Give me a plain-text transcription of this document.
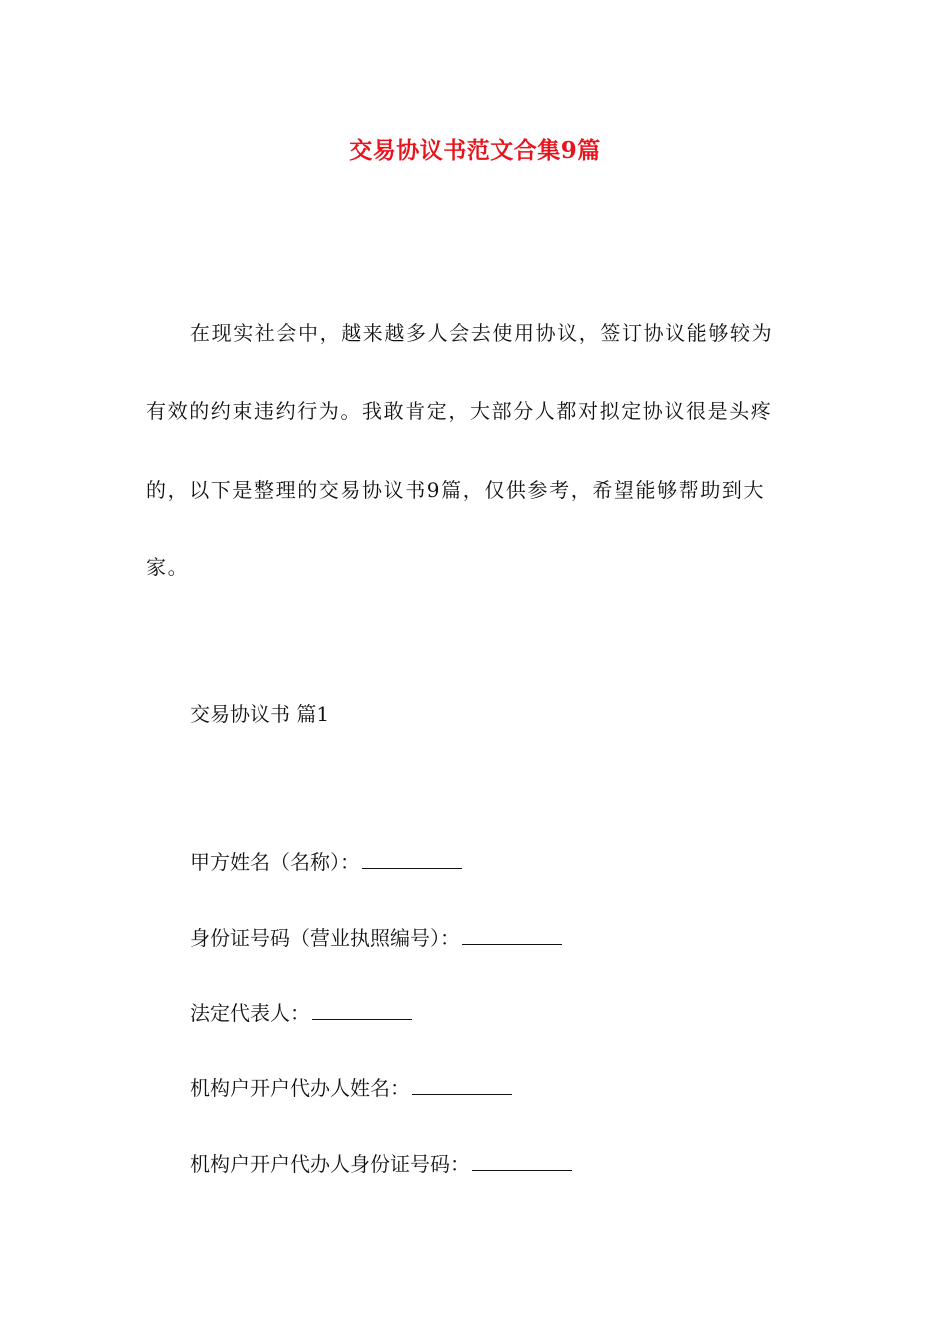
交易协议书范文合集9篇
在现实社会中，越来越多人会去使用协议，签订协议能够较为
有效的约束违约行为。我敢肯定，大部分人都对拟定协议很是头疼
的，以下是整理的交易协议书9篇，仅供参考，希望能够帮助到大
家。
交易协议书 篇1
甲方姓名（名称）：
身份证号码（营业执照编号）：
法定代表人：
机构户开户代办人姓名：
机构户开户代办人身份证号码：
